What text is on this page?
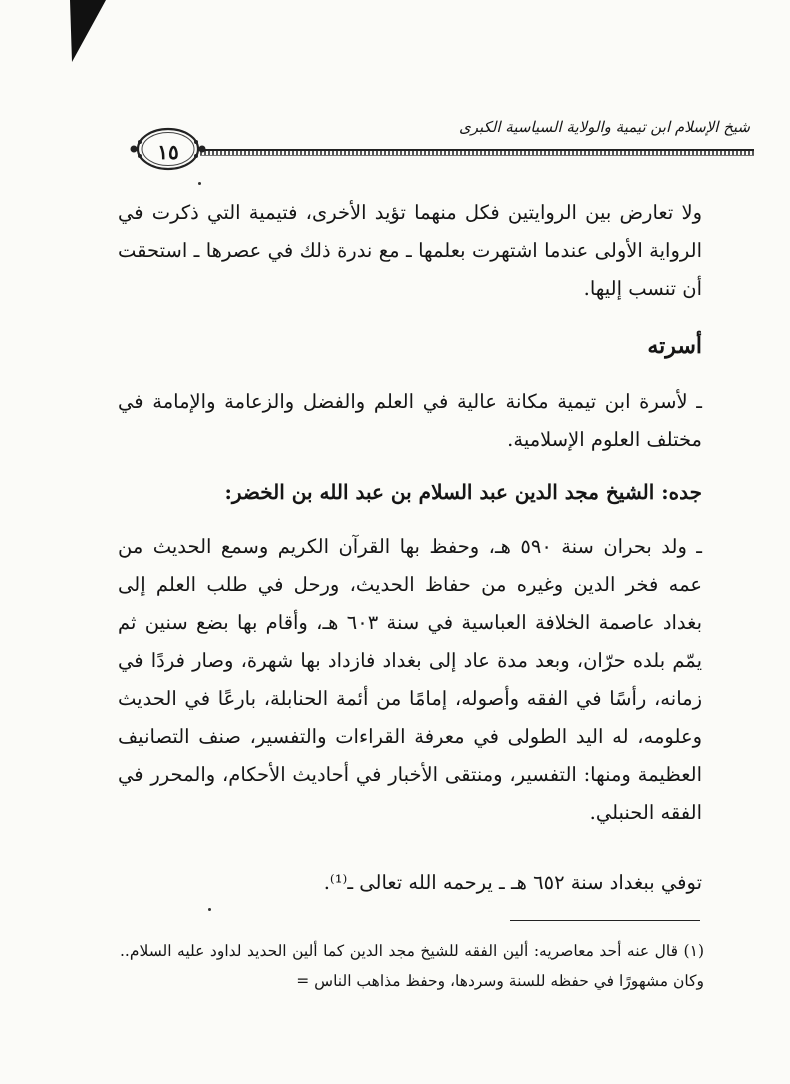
شيخ الإسلام ابن تيمية والولاية السياسية الكبرى
١٥
ولا تعارض بين الروايتين فكل منهما تؤيد الأخرى، فتيمية التي ذكرت في الرواية الأولى عندما اشتهرت بعلمها ـ مع ندرة ذلك في عصرها ـ استحقت أن تنسب إليها.
أسرته
ـ لأسرة ابن تيمية مكانة عالية في العلم والفضل والزعامة والإمامة في مختلف العلوم الإسلامية.
جده: الشيخ مجد الدين عبد السلام بن عبد الله بن الخضر:
ـ ولد بحران سنة ٥٩٠ هـ، وحفظ بها القرآن الكريم وسمع الحديث من عمه فخر الدين وغيره من حفاظ الحديث، ورحل في طلب العلم إلى بغداد عاصمة الخلافة العباسية في سنة ٦٠٣ هـ، وأقام بها بضع سنين ثم يمّم بلده حرّان، وبعد مدة عاد إلى بغداد فازداد بها شهرة، وصار فردًا في زمانه، رأسًا في الفقه وأصوله، إمامًا من أئمة الحنابلة، بارعًا في الحديث وعلومه، له اليد الطولى في معرفة القراءات والتفسير، صنف التصانيف العظيمة ومنها: التفسير، ومنتقى الأخبار في أحاديث الأحكام، والمحرر في الفقه الحنبلي.
توفي ببغداد سنة ٦٥٢ هـ ـ يرحمه الله تعالى ـ⁽¹⁾.
(١) قال عنه أحد معاصريه: ألين الفقه للشيخ مجد الدين كما ألين الحديد لداود عليه السلام.. وكان مشهورًا في حفظه للسنة وسردها، وحفظ مذاهب الناس =
